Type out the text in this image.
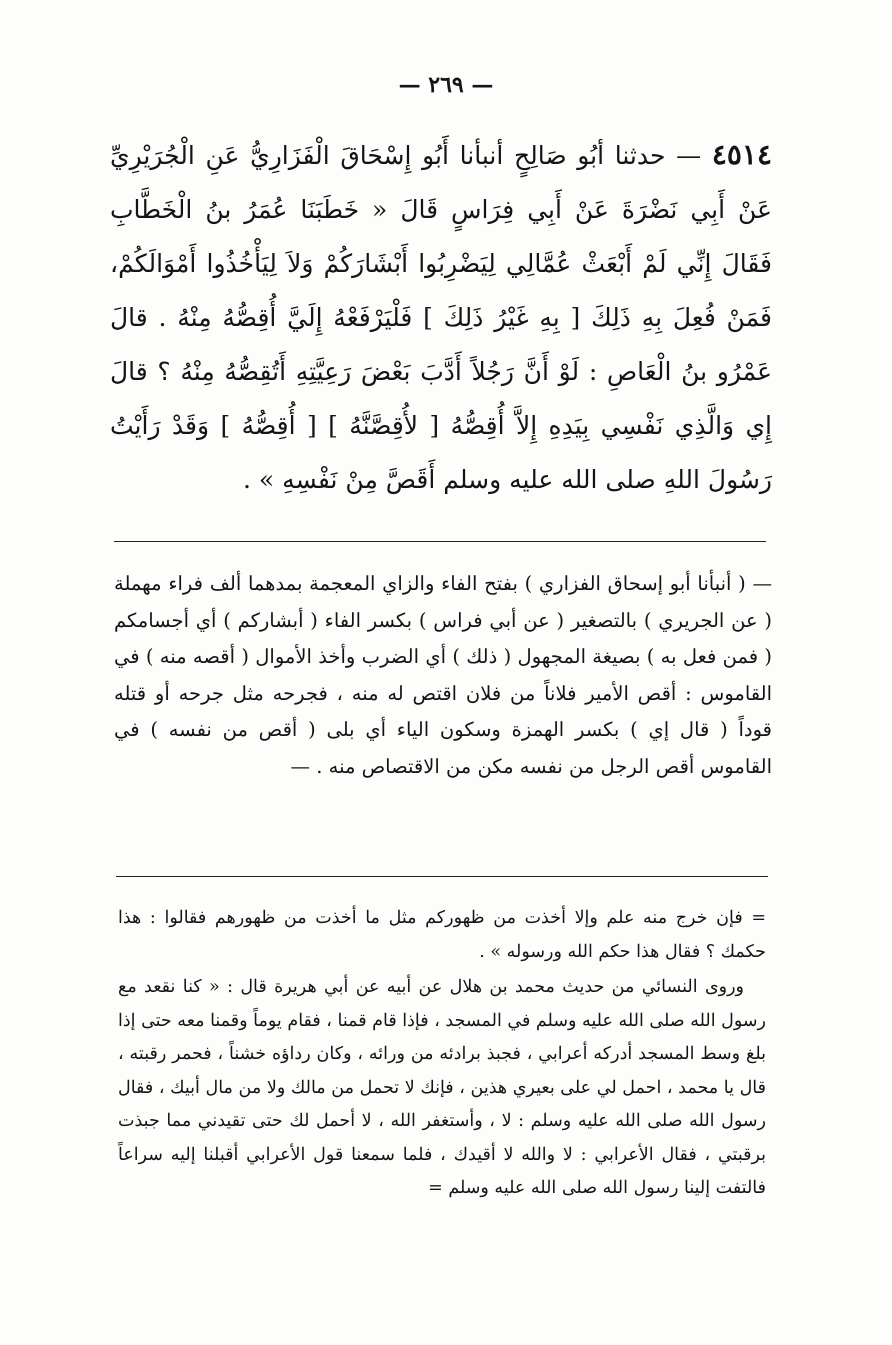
— ٢٦٩ —
٤٥١٤ — حدثنا أبُو صَالِحٍ أنبأنا أَبُو إِسْحَاقَ الْفَزَارِيُّ عَنِ الْجُرَيْرِيِّ عَنْ أَبِي نَضْرَةَ عَنْ أَبِي فِرَاسٍ قَالَ « خَطَبَنَا عُمَرُ بنُ الْخَطَّابِ فَقَالَ إِنِّي لَمْ أَبْعَثْ عُمَّالِي لِيَضْرِبُوا أَبْشَارَكُمْ وَلاَ لِيَأْخُذُوا أَمْوَالَكُمْ، فَمَنْ فُعِلَ بِهِ ذَلِكَ [ بِهِ غَيْرُ ذَلِكَ ] فَلْيَرْفَعْهُ إِلَيَّ أُقِصُّهُ مِنْهُ . قالَ عَمْرُو بنُ الْعَاصِ : لَوْ أَنَّ رَجُلاً أَدَّبَ بَعْضَ رَعِيَّتِهِ أَتُقِصُّهُ مِنْهُ ؟ قالَ إِي وَالَّذِي نَفْسِي بِيَدِهِ إِلاَّ أُقِصُّهُ [ لأُقِصَّنَّهُ ] [ أُقِصُّهُ ] وَقَدْ رَأَيْتُ رَسُولَ اللهِ صلى الله عليه وسلم أَقَصَّ مِنْ نَفْسِهِ » .
— ( أنبأنا أبو إسحاق الفزاري ) بفتح الفاء والزاي المعجمة بمدهما ألف فراء مهملة ( عن الجريري ) بالتصغير ( عن أبي فراس ) بكسر الفاء ( أبشاركم ) أي أجسامكم ( فمن فعل به ) بصيغة المجهول ( ذلك ) أي الضرب وأخذ الأموال ( أقصه منه ) في القاموس : أقص الأمير فلاناً من فلان اقتص له منه ، فجرحه مثل جرحه أو قتله قوداً ( قال إي ) بكسر الهمزة وسكون الياء أي بلى ( أقص من نفسه ) في القاموس أقص الرجل من نفسه مكن من الاقتصاص منه . —

= فإن خرج منه علم وإلا أخذت من ظهوركم مثل ما أخذت من ظهورهم فقالوا : هذا حكمك ؟ فقال هذا حكم الله ورسوله » .

وروى النسائي من حديث محمد بن هلال عن أبيه عن أبي هريرة قال : « كنا نقعد مع رسول الله صلى الله عليه وسلم في المسجد ، فإذا قام قمنا ، فقام يوماً وقمنا معه حتى إذا بلغ وسط المسجد أدركه أعرابي ، فجبذ برادئه من ورائه ، وكان رداؤه خشناً ، فحمر رقبته ، قال يا محمد ، احمل لي على بعيري هذين ، فإنك لا تحمل من مالك ولا من مال أبيك ، فقال رسول الله صلى الله عليه وسلم : لا ، وأستغفر الله ، لا أحمل لك حتى تقيدني مما جبذت برقبتي ، فقال الأعرابي : لا والله لا أقيدك ، فلما سمعنا قول الأعرابي أقبلنا إليه سراعاً فالتفت إلينا رسول الله صلى الله عليه وسلم =
